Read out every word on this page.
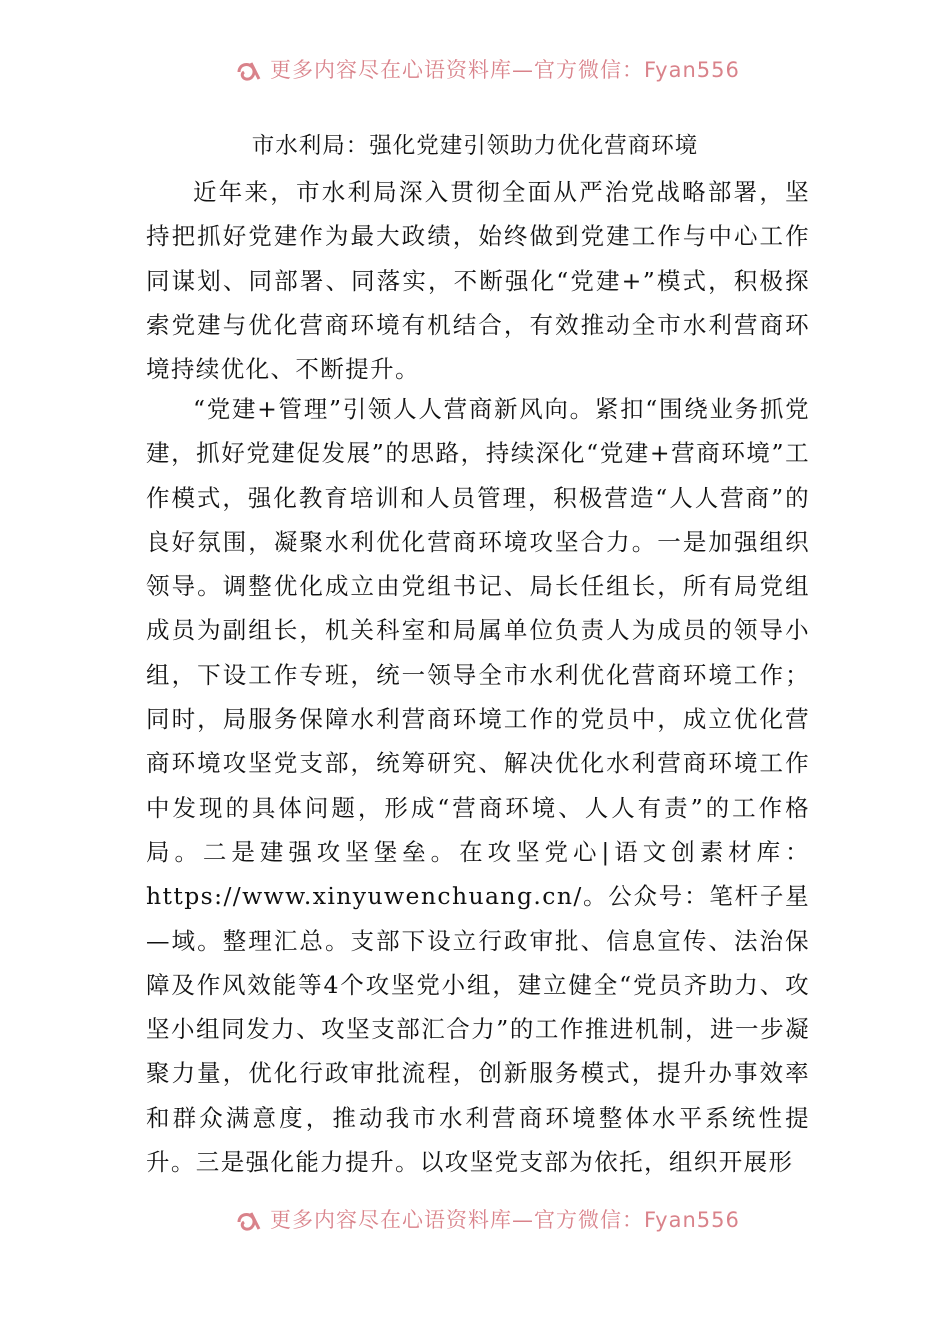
更多内容尽在心语资料库—官方微信：Fyan556
市水利局：强化党建引领助力优化营商环境

近年来，市水利局深入贯彻全面从严治党战略部署，坚持把抓好党建作为最大政绩，始终做到党建工作与中心工作同谋划、同部署、同落实，不断强化“党建+”模式，积极探索党建与优化营商环境有机结合，有效推动全市水利营商环境持续优化、不断提升。

“党建+管理”引领人人营商新风向。紧扣“围绕业务抓党建，抓好党建促发展”的思路，持续深化“党建+营商环境”工作模式，强化教育培训和人员管理，积极营造“人人营商”的良好氛围，凝聚水利优化营商环境攻坚合力。一是加强组织领导。调整优化成立由党组书记、局长任组长，所有局党组成员为副组长，机关科室和局属单位负责人为成员的领导小组，下设工作专班，统一领导全市水利优化营商环境工作；同时，局服务保障水利营商环境工作的党员中，成立优化营商环境攻坚党支部，统筹研究、解决优化水利营商环境工作中发现的具体问题，形成“营商环境、人人有责”的工作格局。二是建强攻坚堡垒。在攻坚党心|语文创素材库：https://www.xinyuwenchuang.cn/。公众号：笔杆子星—域。整理汇总。支部下设立行政审批、信息宣传、法治保障及作风效能等4个攻坚党小组，建立健全“党员齐助力、攻坚小组同发力、攻坚支部汇合力”的工作推进机制，进一步凝聚力量，优化行政审批流程，创新服务模式，提升办事效率和群众满意度，推动我市水利营商环境整体水平系统性提升。三是强化能力提升。以攻坚党支部为依托，组织开展形

更多内容尽在心语资料库—官方微信：Fyan556
